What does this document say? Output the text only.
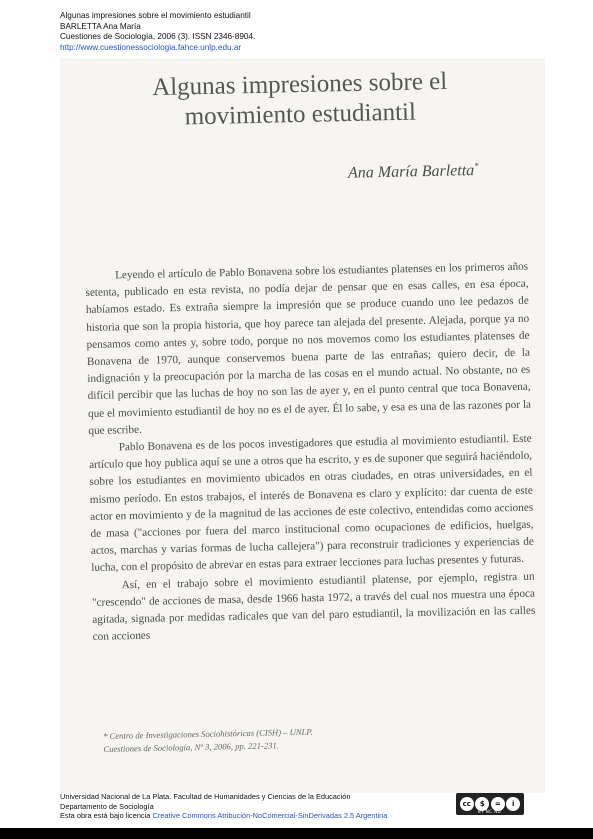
Algunas impresiones sobre el movimiento estudiantil
BARLETTA Ana María
Cuestiones de Sociología, 2006 (3). ISSN 2346-8904.
http://www.cuestionessociologia.fahce.unlp.edu.ar
Algunas impresiones sobre el
movimiento estudiantil
Ana María Barletta*

Leyendo el artículo de Pablo Bonavena sobre los estudiantes platenses en los primeros años setenta, publicado en esta revista, no podía dejar de pensar que en esas calles, en esa época, habíamos estado. Es extraña siempre la impresión que se produce cuando uno lee pedazos de historia que son la propia historia, que hoy parece tan alejada del presente. Alejada, porque ya no pensamos como antes y, sobre todo, porque no nos movemos como los estudiantes platenses de Bonavena de 1970, aunque conservemos buena parte de las entrañas; quiero decir, de la indignación y la preocupación por la marcha de las cosas en el mundo actual. No obstante, no es difícil percibir que las luchas de hoy no son las de ayer y, en el punto central que toca Bonavena, que el movimiento estudiantil de hoy no es el de ayer. Él lo sabe, y esa es una de las razones por la que escribe.

Pablo Bonavena es de los pocos investigadores que estudia al movimiento estudiantil. Este artículo que hoy publica aquí se une a otros que ha escrito, y es de suponer que seguirá haciéndolo, sobre los estudiantes en movimiento ubicados en otras ciudades, en otras universidades, en el mismo período. En estos trabajos, el interés de Bonavena es claro y explícito: dar cuenta de este actor en movimiento y de la magnitud de las acciones de este colectivo, entendidas como acciones de masa ("acciones por fuera del marco institucional como ocupaciones de edificios, huelgas, actos, marchas y varias formas de lucha callejera") para reconstruir tradiciones y experiencias de lucha, con el propósito de abrevar en estas para extraer lecciones para luchas presentes y futuras.

Así, en el trabajo sobre el movimiento estudiantil platense, por ejemplo, registra un "crescendo" de acciones de masa, desde 1966 hasta 1972, a través del cual nos muestra una época agitada, signada por medidas radicales que van del paro estudiantil, la movilización en las calles con acciones

* Centro de Investigaciones Sociohistóricas (CISH) – UNLP.
Cuestiones de Sociología, Nº 3, 2006, pp. 221-231.
Universidad Nacional de La Plata. Facultad de Humanidades y Ciencias de la Educación
Departamento de Sociología
Esta obra está bajo licencia Creative Commons Atribución-NoComercial-SinDerivadas 2.5 Argentina
cc	$	=	i
BY NC ND
